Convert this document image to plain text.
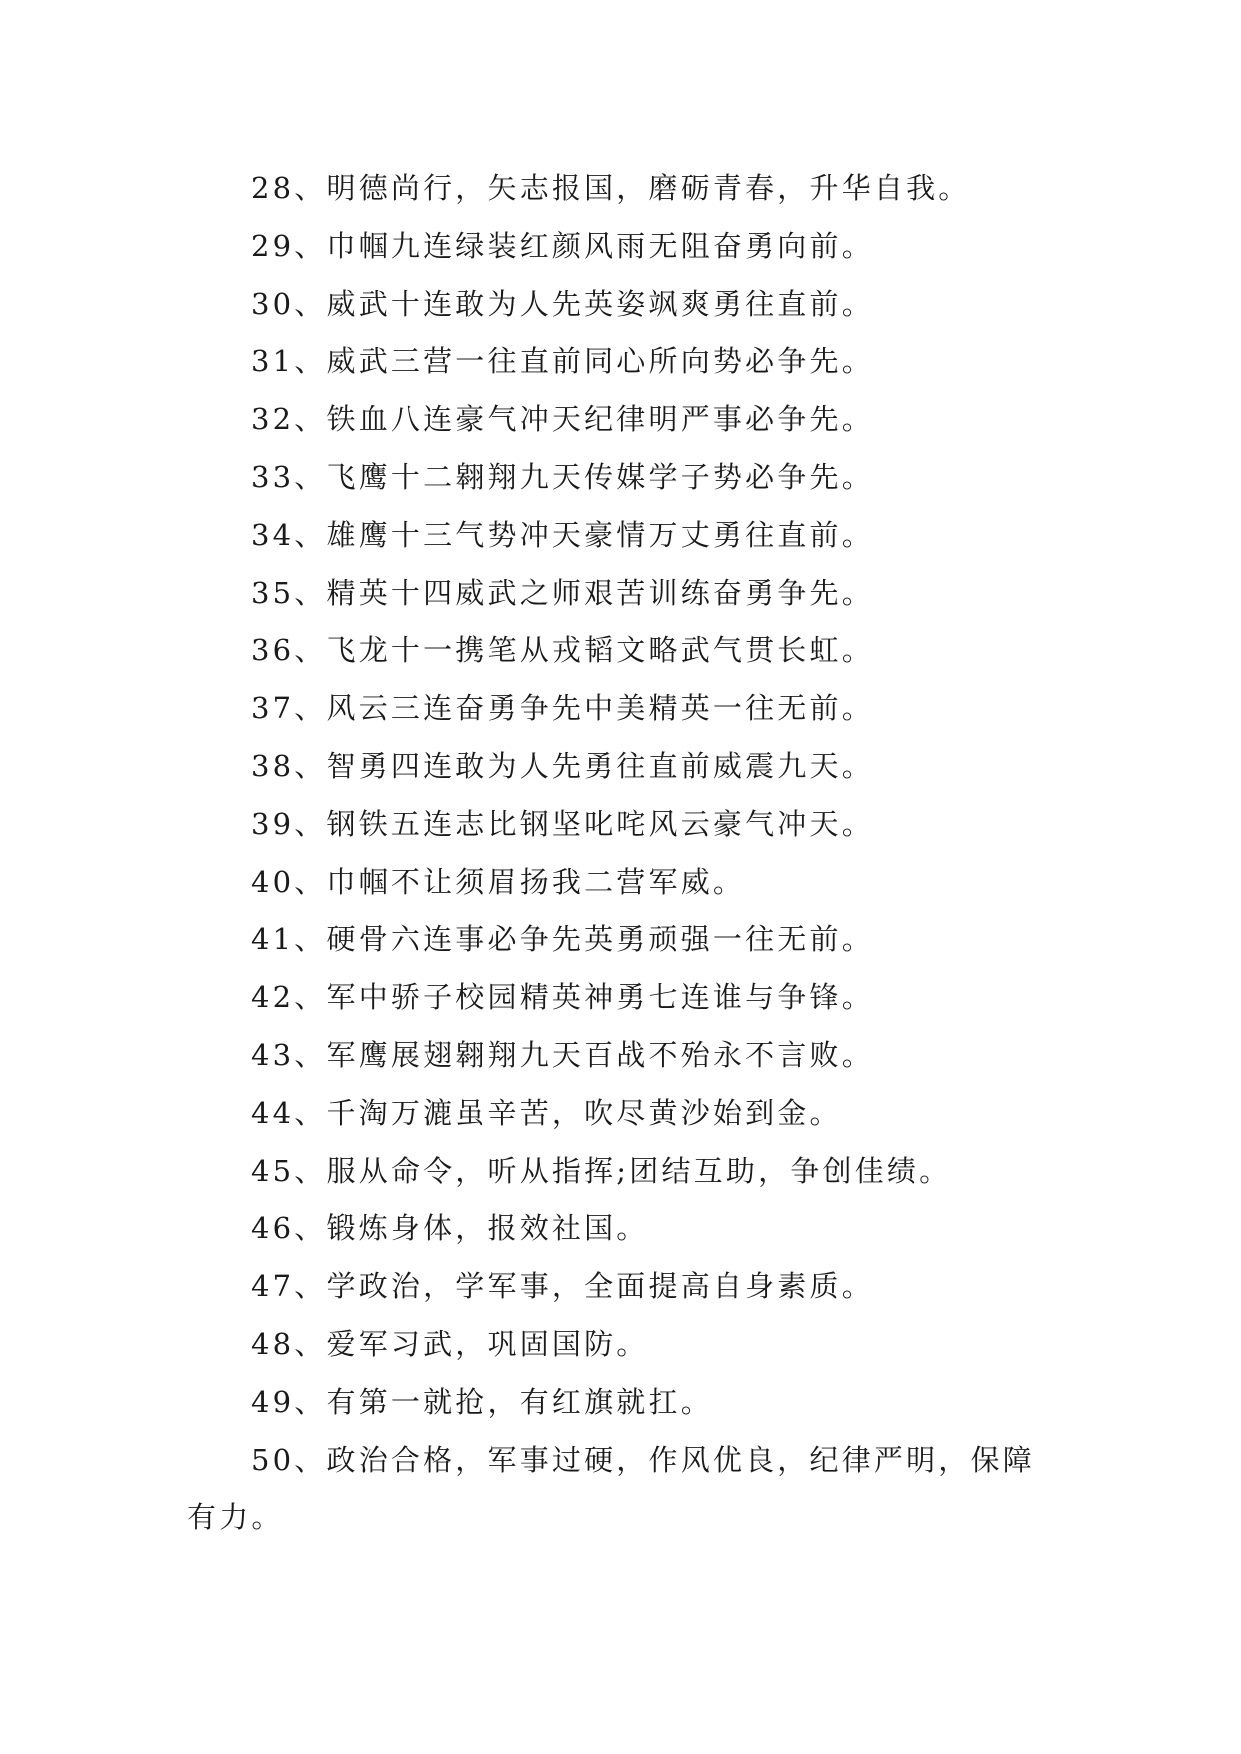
28、明德尚行，矢志报国，磨砺青春，升华自我。
29、巾帼九连绿装红颜风雨无阻奋勇向前。
30、威武十连敢为人先英姿飒爽勇往直前。
31、威武三营一往直前同心所向势必争先。
32、铁血八连豪气冲天纪律明严事必争先。
33、飞鹰十二翱翔九天传媒学子势必争先。
34、雄鹰十三气势冲天豪情万丈勇往直前。
35、精英十四威武之师艰苦训练奋勇争先。
36、飞龙十一携笔从戎韬文略武气贯长虹。
37、风云三连奋勇争先中美精英一往无前。
38、智勇四连敢为人先勇往直前威震九天。
39、钢铁五连志比钢坚叱咤风云豪气冲天。
40、巾帼不让须眉扬我二营军威。
41、硬骨六连事必争先英勇顽强一往无前。
42、军中骄子校园精英神勇七连谁与争锋。
43、军鹰展翅翱翔九天百战不殆永不言败。
44、千淘万漉虽辛苦，吹尽黄沙始到金。
45、服从命令，听从指挥;团结互助，争创佳绩。
46、锻炼身体，报效社国。
47、学政治，学军事，全面提高自身素质。
48、爱军习武，巩固国防。
49、有第一就抢，有红旗就扛。
50、政治合格，军事过硬，作风优良，纪律严明，保障有力。
